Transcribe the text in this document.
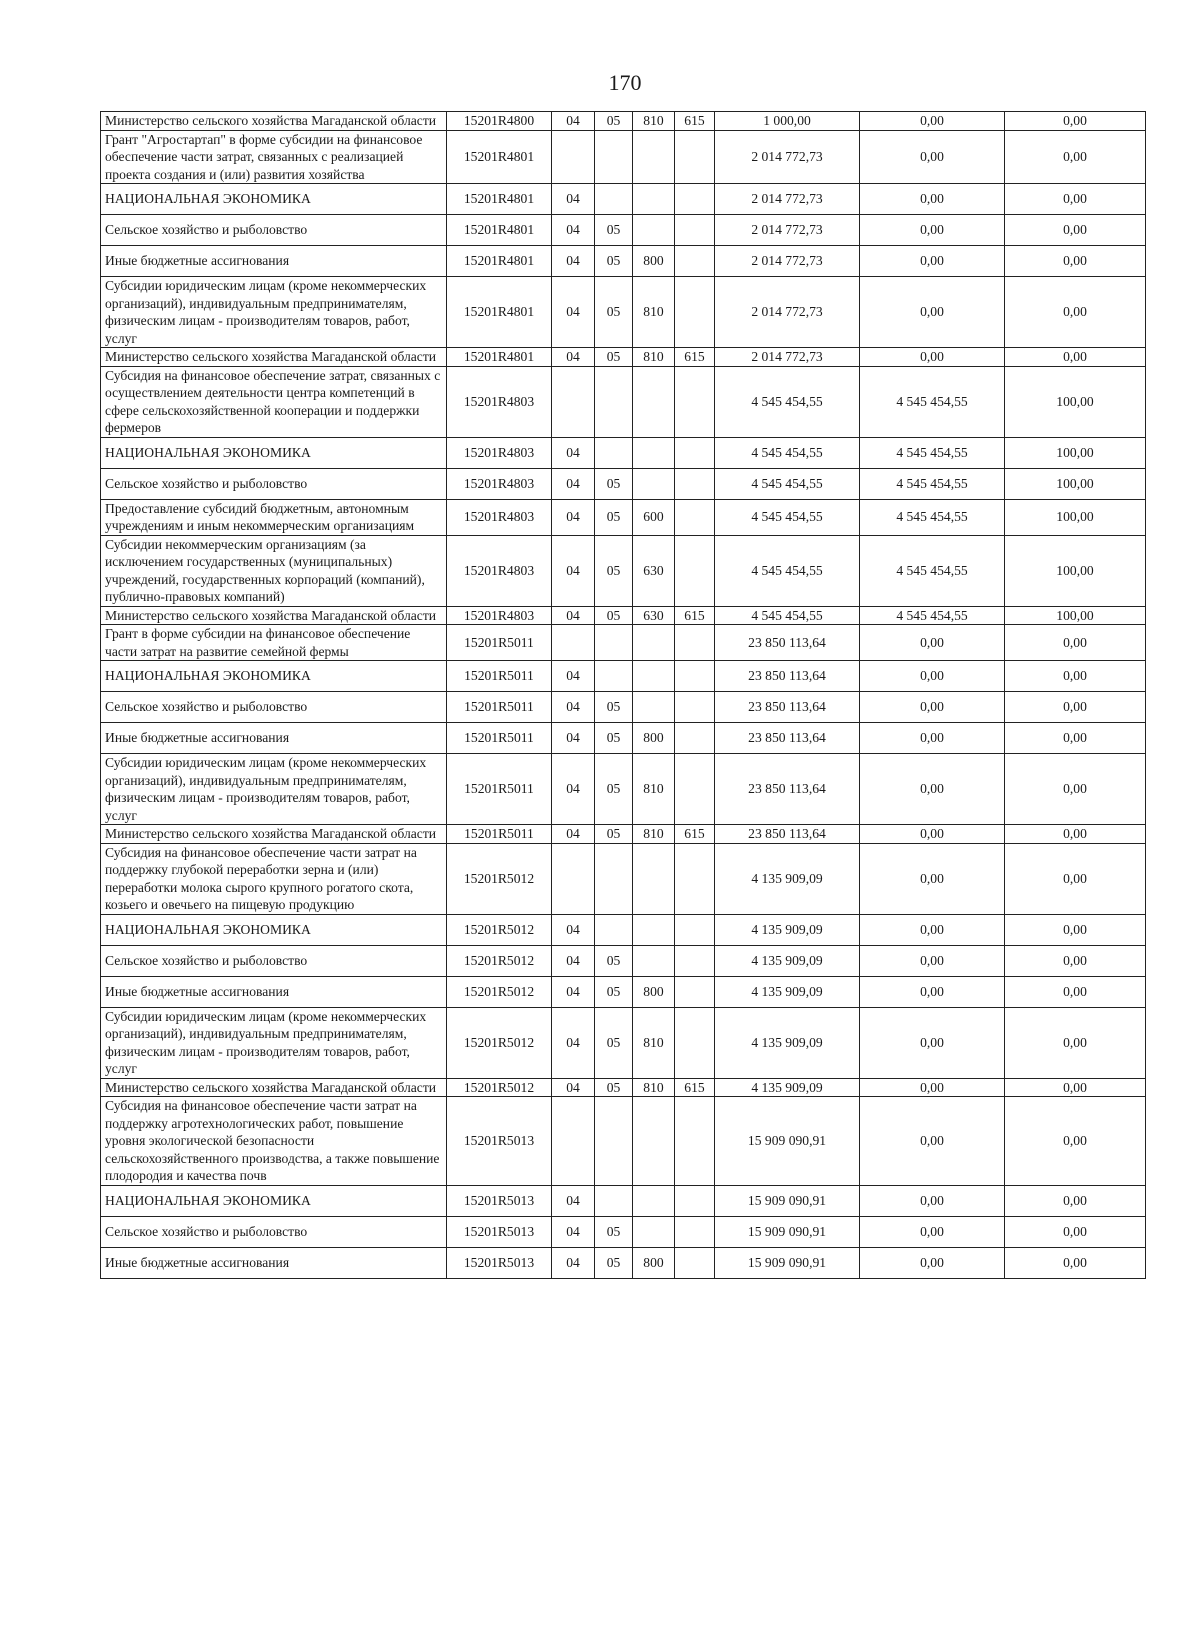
170
Министерство сельского хозяйства Магаданской области	15201R4800	04	05	810	615	1 000,00	0,00	0,00
Грант "Агростартап" в форме субсидии на финансовое обеспечение части затрат, связанных с реализацией проекта создания и (или) развития хозяйства	15201R4801					2 014 772,73	0,00	0,00
НАЦИОНАЛЬНАЯ ЭКОНОМИКА	15201R4801	04				2 014 772,73	0,00	0,00
Сельское хозяйство и рыболовство	15201R4801	04	05			2 014 772,73	0,00	0,00
Иные бюджетные ассигнования	15201R4801	04	05	800		2 014 772,73	0,00	0,00
Субсидии юридическим лицам (кроме некоммерческих организаций), индивидуальным предпринимателям, физическим лицам - производителям товаров, работ, услуг	15201R4801	04	05	810		2 014 772,73	0,00	0,00
Министерство сельского хозяйства Магаданской области	15201R4801	04	05	810	615	2 014 772,73	0,00	0,00
Субсидия на финансовое обеспечение затрат, связанных с осуществлением деятельности центра компетенций в сфере сельскохозяйственной кооперации и поддержки фермеров	15201R4803					4 545 454,55	4 545 454,55	100,00
НАЦИОНАЛЬНАЯ ЭКОНОМИКА	15201R4803	04				4 545 454,55	4 545 454,55	100,00
Сельское хозяйство и рыболовство	15201R4803	04	05			4 545 454,55	4 545 454,55	100,00
Предоставление субсидий бюджетным, автономным учреждениям и иным некоммерческим организациям	15201R4803	04	05	600		4 545 454,55	4 545 454,55	100,00
Субсидии некоммерческим организациям (за исключением государственных (муниципальных) учреждений, государственных корпораций (компаний), публично-правовых компаний)	15201R4803	04	05	630		4 545 454,55	4 545 454,55	100,00
Министерство сельского хозяйства Магаданской области	15201R4803	04	05	630	615	4 545 454,55	4 545 454,55	100,00
Грант в форме субсидии на финансовое обеспечение части затрат на развитие семейной фермы	15201R5011					23 850 113,64	0,00	0,00
НАЦИОНАЛЬНАЯ ЭКОНОМИКА	15201R5011	04				23 850 113,64	0,00	0,00
Сельское хозяйство и рыболовство	15201R5011	04	05			23 850 113,64	0,00	0,00
Иные бюджетные ассигнования	15201R5011	04	05	800		23 850 113,64	0,00	0,00
Субсидии юридическим лицам (кроме некоммерческих организаций), индивидуальным предпринимателям, физическим лицам - производителям товаров, работ, услуг	15201R5011	04	05	810		23 850 113,64	0,00	0,00
Министерство сельского хозяйства Магаданской области	15201R5011	04	05	810	615	23 850 113,64	0,00	0,00
Субсидия на финансовое обеспечение части затрат на поддержку глубокой переработки зерна и (или) переработки молока сырого крупного рогатого скота, козьего и овечьего на пищевую продукцию	15201R5012					4 135 909,09	0,00	0,00
НАЦИОНАЛЬНАЯ ЭКОНОМИКА	15201R5012	04				4 135 909,09	0,00	0,00
Сельское хозяйство и рыболовство	15201R5012	04	05			4 135 909,09	0,00	0,00
Иные бюджетные ассигнования	15201R5012	04	05	800		4 135 909,09	0,00	0,00
Субсидии юридическим лицам (кроме некоммерческих организаций), индивидуальным предпринимателям, физическим лицам - производителям товаров, работ, услуг	15201R5012	04	05	810		4 135 909,09	0,00	0,00
Министерство сельского хозяйства Магаданской области	15201R5012	04	05	810	615	4 135 909,09	0,00	0,00
Субсидия на финансовое обеспечение части затрат на поддержку агротехнологических работ, повышение уровня экологической безопасности сельскохозяйственного производства, а также повышение плодородия и качества почв	15201R5013					15 909 090,91	0,00	0,00
НАЦИОНАЛЬНАЯ ЭКОНОМИКА	15201R5013	04				15 909 090,91	0,00	0,00
Сельское хозяйство и рыболовство	15201R5013	04	05			15 909 090,91	0,00	0,00
Иные бюджетные ассигнования	15201R5013	04	05	800		15 909 090,91	0,00	0,00
